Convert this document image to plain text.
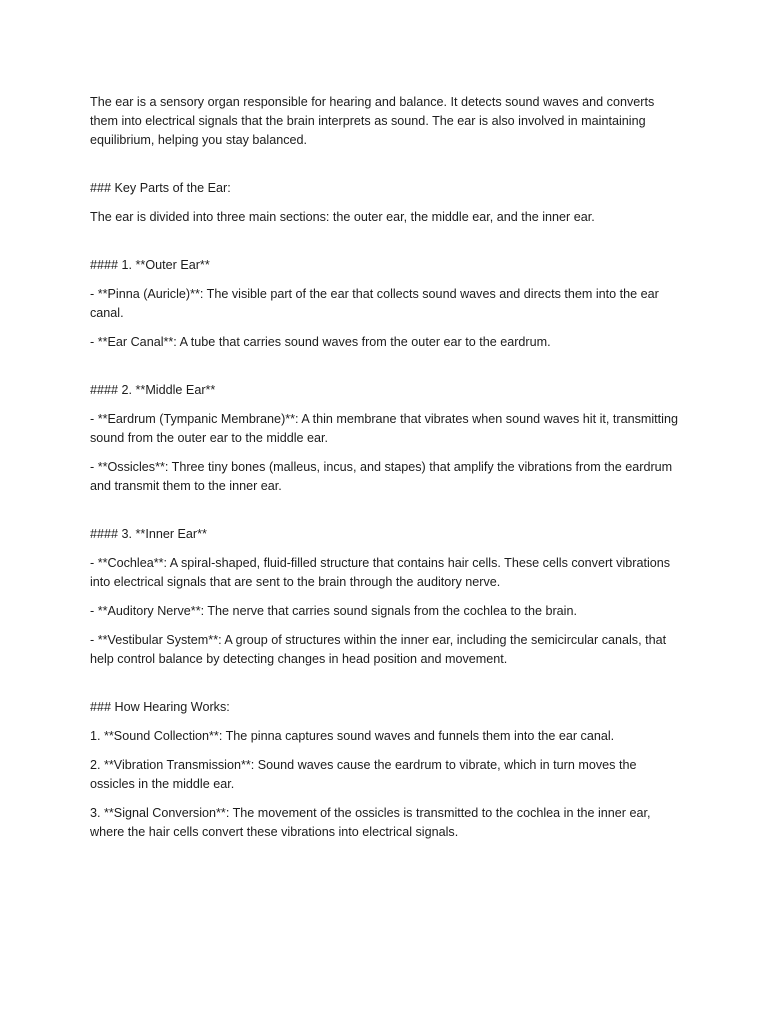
The ear is a sensory organ responsible for hearing and balance. It detects sound waves and converts them into electrical signals that the brain interprets as sound. The ear is also involved in maintaining equilibrium, helping you stay balanced.

### Key Parts of the Ear:

The ear is divided into three main sections: the outer ear, the middle ear, and the inner ear.

#### 1. **Outer Ear**

- **Pinna (Auricle)**: The visible part of the ear that collects sound waves and directs them into the ear canal.

- **Ear Canal**: A tube that carries sound waves from the outer ear to the eardrum.

#### 2. **Middle Ear**

- **Eardrum (Tympanic Membrane)**: A thin membrane that vibrates when sound waves hit it, transmitting sound from the outer ear to the middle ear.

- **Ossicles**: Three tiny bones (malleus, incus, and stapes) that amplify the vibrations from the eardrum and transmit them to the inner ear.

#### 3. **Inner Ear**

- **Cochlea**: A spiral-shaped, fluid-filled structure that contains hair cells. These cells convert vibrations into electrical signals that are sent to the brain through the auditory nerve.

- **Auditory Nerve**: The nerve that carries sound signals from the cochlea to the brain.

- **Vestibular System**: A group of structures within the inner ear, including the semicircular canals, that help control balance by detecting changes in head position and movement.

### How Hearing Works:

1. **Sound Collection**: The pinna captures sound waves and funnels them into the ear canal.

2. **Vibration Transmission**: Sound waves cause the eardrum to vibrate, which in turn moves the ossicles in the middle ear.

3. **Signal Conversion**: The movement of the ossicles is transmitted to the cochlea in the inner ear, where the hair cells convert these vibrations into electrical signals.
